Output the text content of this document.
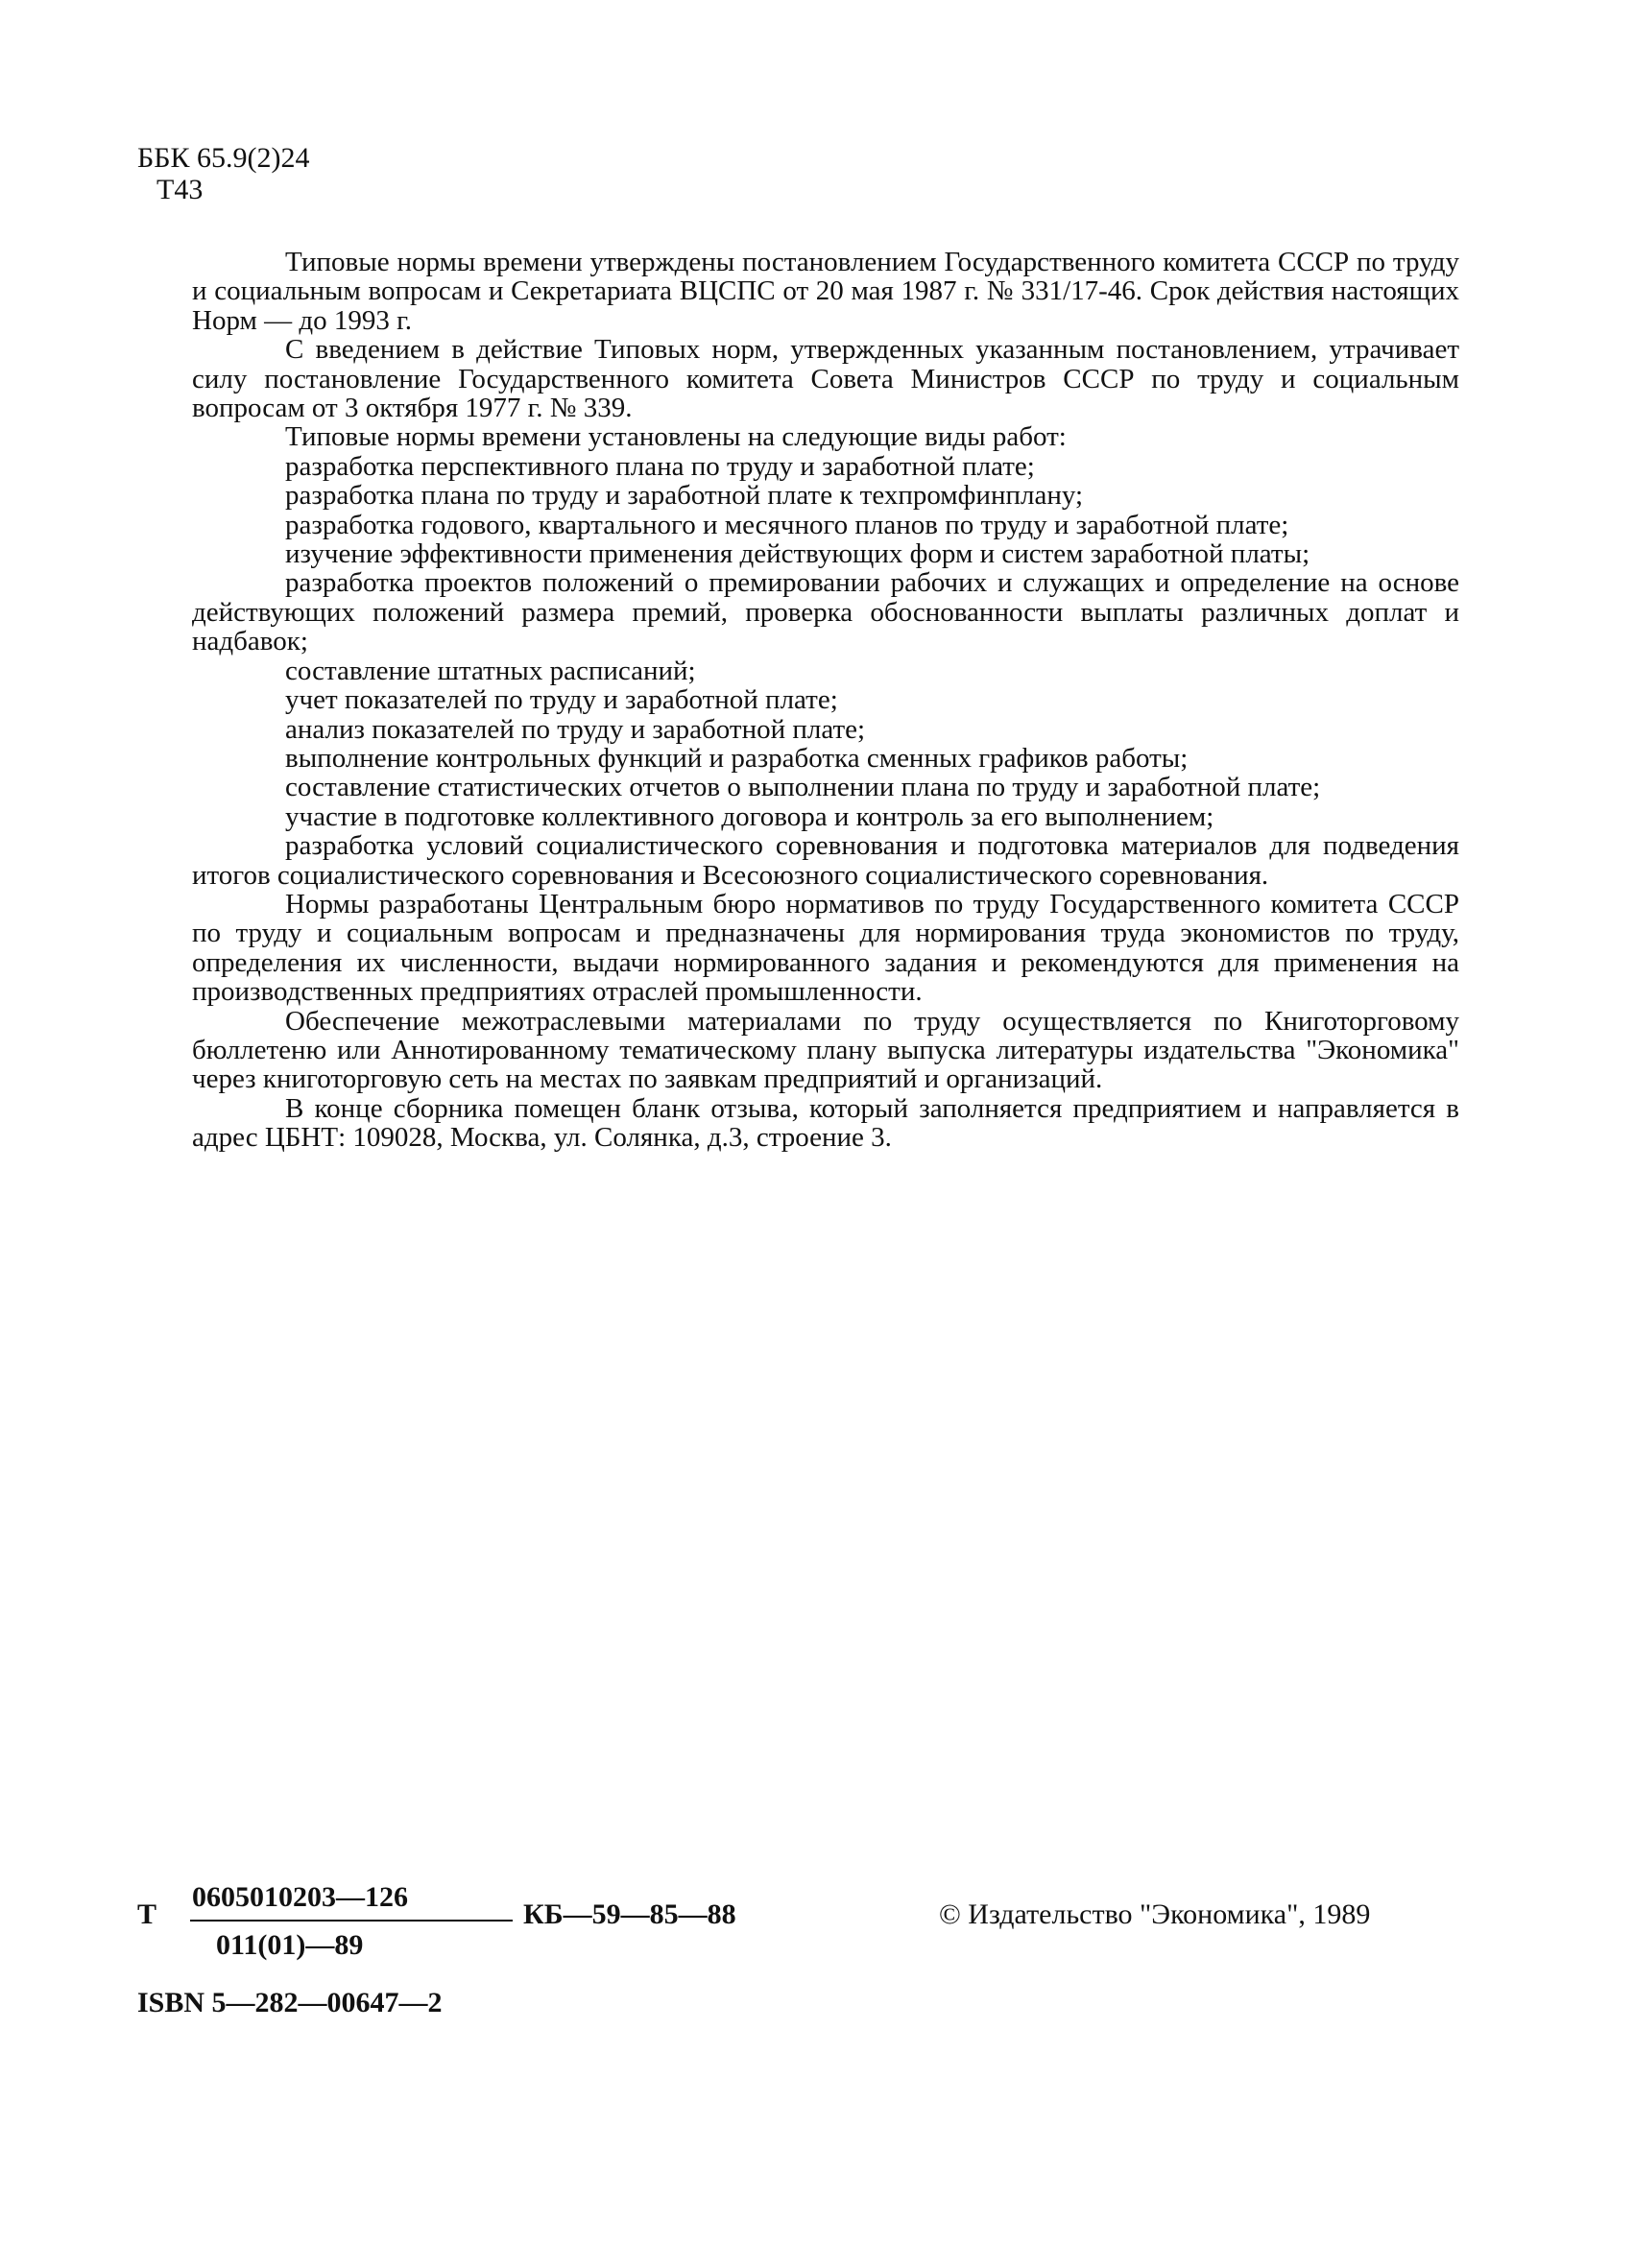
ББК 65.9(2)24
Т43

Типовые нормы времени утверждены постановлением Государственного комитета СССР по труду и социальным вопросам и Секретариата ВЦСПС от 20 мая 1987 г. № 331/17-46. Срок действия настоящих Норм — до 1993 г.

С введением в действие Типовых норм, утвержденных указанным постановлением, утрачивает силу постановление Государственного комитета Совета Министров СССР по труду и социальным вопросам от 3 октября 1977 г. № 339.

Типовые нормы времени установлены на следующие виды работ:

разработка перспективного плана по труду и заработной плате;

разработка плана по труду и заработной плате к техпромфинплану;

разработка годового, квартального и месячного планов по труду и заработной плате;

изучение эффективности применения действующих форм и систем заработной платы;

разработка проектов положений о премировании рабочих и служащих и определение на основе действующих положений размера премий, проверка обоснованности выплаты различных доплат и надбавок;

составление штатных расписаний;

учет показателей по труду и заработной плате;

анализ показателей по труду и заработной плате;

выполнение контрольных функций и разработка сменных графиков работы;

составление статистических отчетов о выполнении плана по труду и заработной плате;

участие в подготовке коллективного договора и контроль за его выполнением;

разработка условий социалистического соревнования и подготовка материалов для подведения итогов социалистического соревнования и Всесоюзного социалистического соревнования.

Нормы разработаны Центральным бюро нормативов по труду Государственного комитета СССР по труду и социальным вопросам и предназначены для нормирования труда экономистов по труду, определения их численности, выдачи нормированного задания и рекомендуются для применения на производственных предприятиях отраслей промышленности.

Обеспечение межотраслевыми материалами по труду осуществляется по Книготорговому бюллетеню или Аннотированному тематическому плану выпуска литературы издательства "Экономика" через книготорговую сеть на местах по заявкам предприятий и организаций.

В конце сборника помещен бланк отзыва, который заполняется предприятием и направляется в адрес ЦБНТ: 109028, Москва, ул. Солянка, д.3, строение 3.

Т
0605010203—126
011(01)—89
КБ—59—85—88	© Издательство "Экономика", 1989
ISBN 5—282—00647—2
